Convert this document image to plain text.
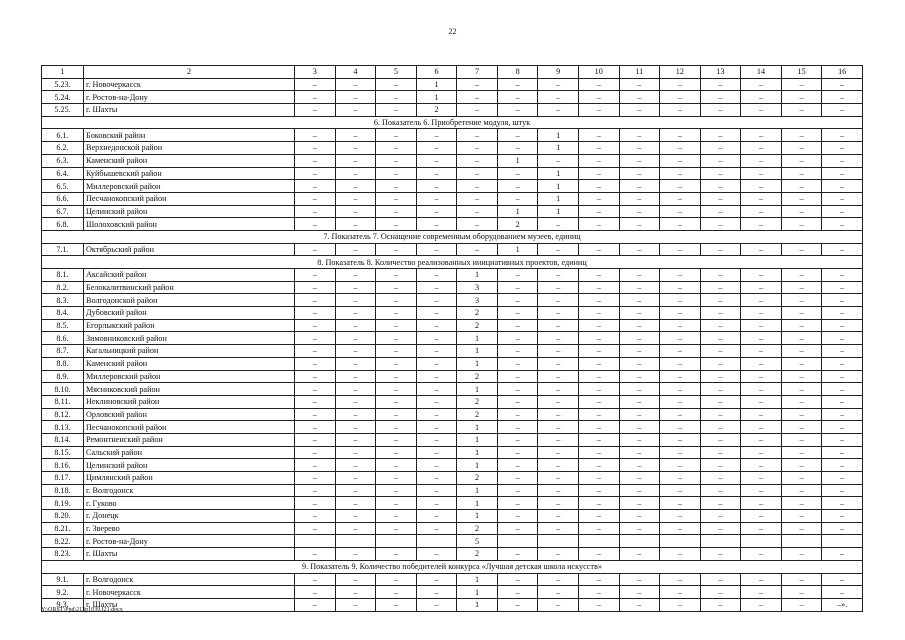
22
1	2	3	4	5	6	7	8	9	10	11	12	13	14	15	16
5.23.	г. Новочеркасск	–	–	–	1	–	–	–	–	–	–	–	–	–	–
5.24.	г. Ростов-на-Дону	–	–	–	1	–	–	–	–	–	–	–	–	–	–
5.25.	г. Шахты	–	–	–	2	–	–	–	–	–	–	–	–	–	–
6. Показатель 6. Приобретение модуля, штук															
6.1.	Боковский район	–	–	–	–	–	–	1	–	–	–	–	–	–	–
6.2.	Верхнедонской район	–	–	–	–	–	–	1	–	–	–	–	–	–	–
6.3.	Каменский район	–	–	–	–	–	1	–	–	–	–	–	–	–	–
6.4.	Куйбышевский район	–	–	–	–	–	–	1	–	–	–	–	–	–	–
6.5.	Миллеровский район	–	–	–	–	–	–	1	–	–	–	–	–	–	–
6.6.	Песчанокопский район	–	–	–	–	–	–	1	–	–	–	–	–	–	–
6.7.	Целинский район	–	–	–	–	–	1	1	–	–	–	–	–	–	–
6.8.	Шолоховский район	–	–	–	–	–	2	–	–	–	–	–	–	–	–
7. Показатель 7. Оснащение современным оборудованием музеев, единиц															
7.1.	Октябрьский район	–	–	–	–	–	1	–	–	–	–	–	–	–	–
8. Показатель 8. Количество реализованных инициативных проектов, единиц															
8.1.	Аксайский район	–	–	–	–	1	–	–	–	–	–	–	–	–	–
8.2.	Белокалитвинский район	–	–	–	–	3	–	–	–	–	–	–	–	–	–
8.3.	Волгодонской район	–	–	–	–	3	–	–	–	–	–	–	–	–	–
8.4.	Дубовский район	–	–	–	–	2	–	–	–	–	–	–	–	–	–
8.5.	Егорлыкский район	–	–	–	–	2	–	–	–	–	–	–	–	–	–
8.6.	Зимовниковский район	–	–	–	–	1	–	–	–	–	–	–	–	–	–
8.7.	Кагальницкий район	–	–	–	–	1	–	–	–	–	–	–	–	–	–
8.8.	Каменский район	–	–	–	–	1	–	–	–	–	–	–	–	–	–
8.9.	Миллеровский район	–	–	–	–	2	–	–	–	–	–	–	–	–	–
8.10.	Мясниковский район	–	–	–	–	1	–	–	–	–	–	–	–	–	–
8.11.	Неклиновский район	–	–	–	–	2	–	–	–	–	–	–	–	–	–
8.12.	Орловский район	–	–	–	–	2	–	–	–	–	–	–	–	–	–
8.13.	Песчанокопский район	–	–	–	–	1	–	–	–	–	–	–	–	–	–
8.14.	Ремонтненский район	–	–	–	–	1	–	–	–	–	–	–	–	–	–
8.15.	Сальский район	–	–	–	–	1	–	–	–	–	–	–	–	–	–
8.16.	Целинский район	–	–	–	–	1	–	–	–	–	–	–	–	–	–
8.17.	Цимлянский район	–	–	–	–	2	–	–	–	–	–	–	–	–	–
8.18.	г. Волгодонск	–	–	–	–	1	–	–	–	–	–	–	–	–	–
8.19.	г. Гуково	–	–	–	–	1	–	–	–	–	–	–	–	–	–
8.20.	г. Донецк	–	–	–	–	1	–	–	–	–	–	–	–	–	–
8.21.	г. Зверево	–	–	–	–	2	–	–	–	–	–	–	–	–	–
8.22.	г. Ростов-на-Дону					5									
8.23.	г. Шахты	–	–	–	–	2	–	–	–	–	–	–	–	–	–
9. Показатель 9. Количество победителей конкурса «Лучшая детская школа искусств»															
9.1.	г. Волгодонск	–	–	–	–	1	–	–	–	–	–	–	–	–	–
9.2.	г. Новочеркасск	–	–	–	–	1	–	–	–	–	–	–	–	–	–
9.3.	г. Шахты	–	–	–	–	1	–	–	–	–	–	–	–	–	–».
Y:\ORST\Ppd\213p1039.f21.docx
